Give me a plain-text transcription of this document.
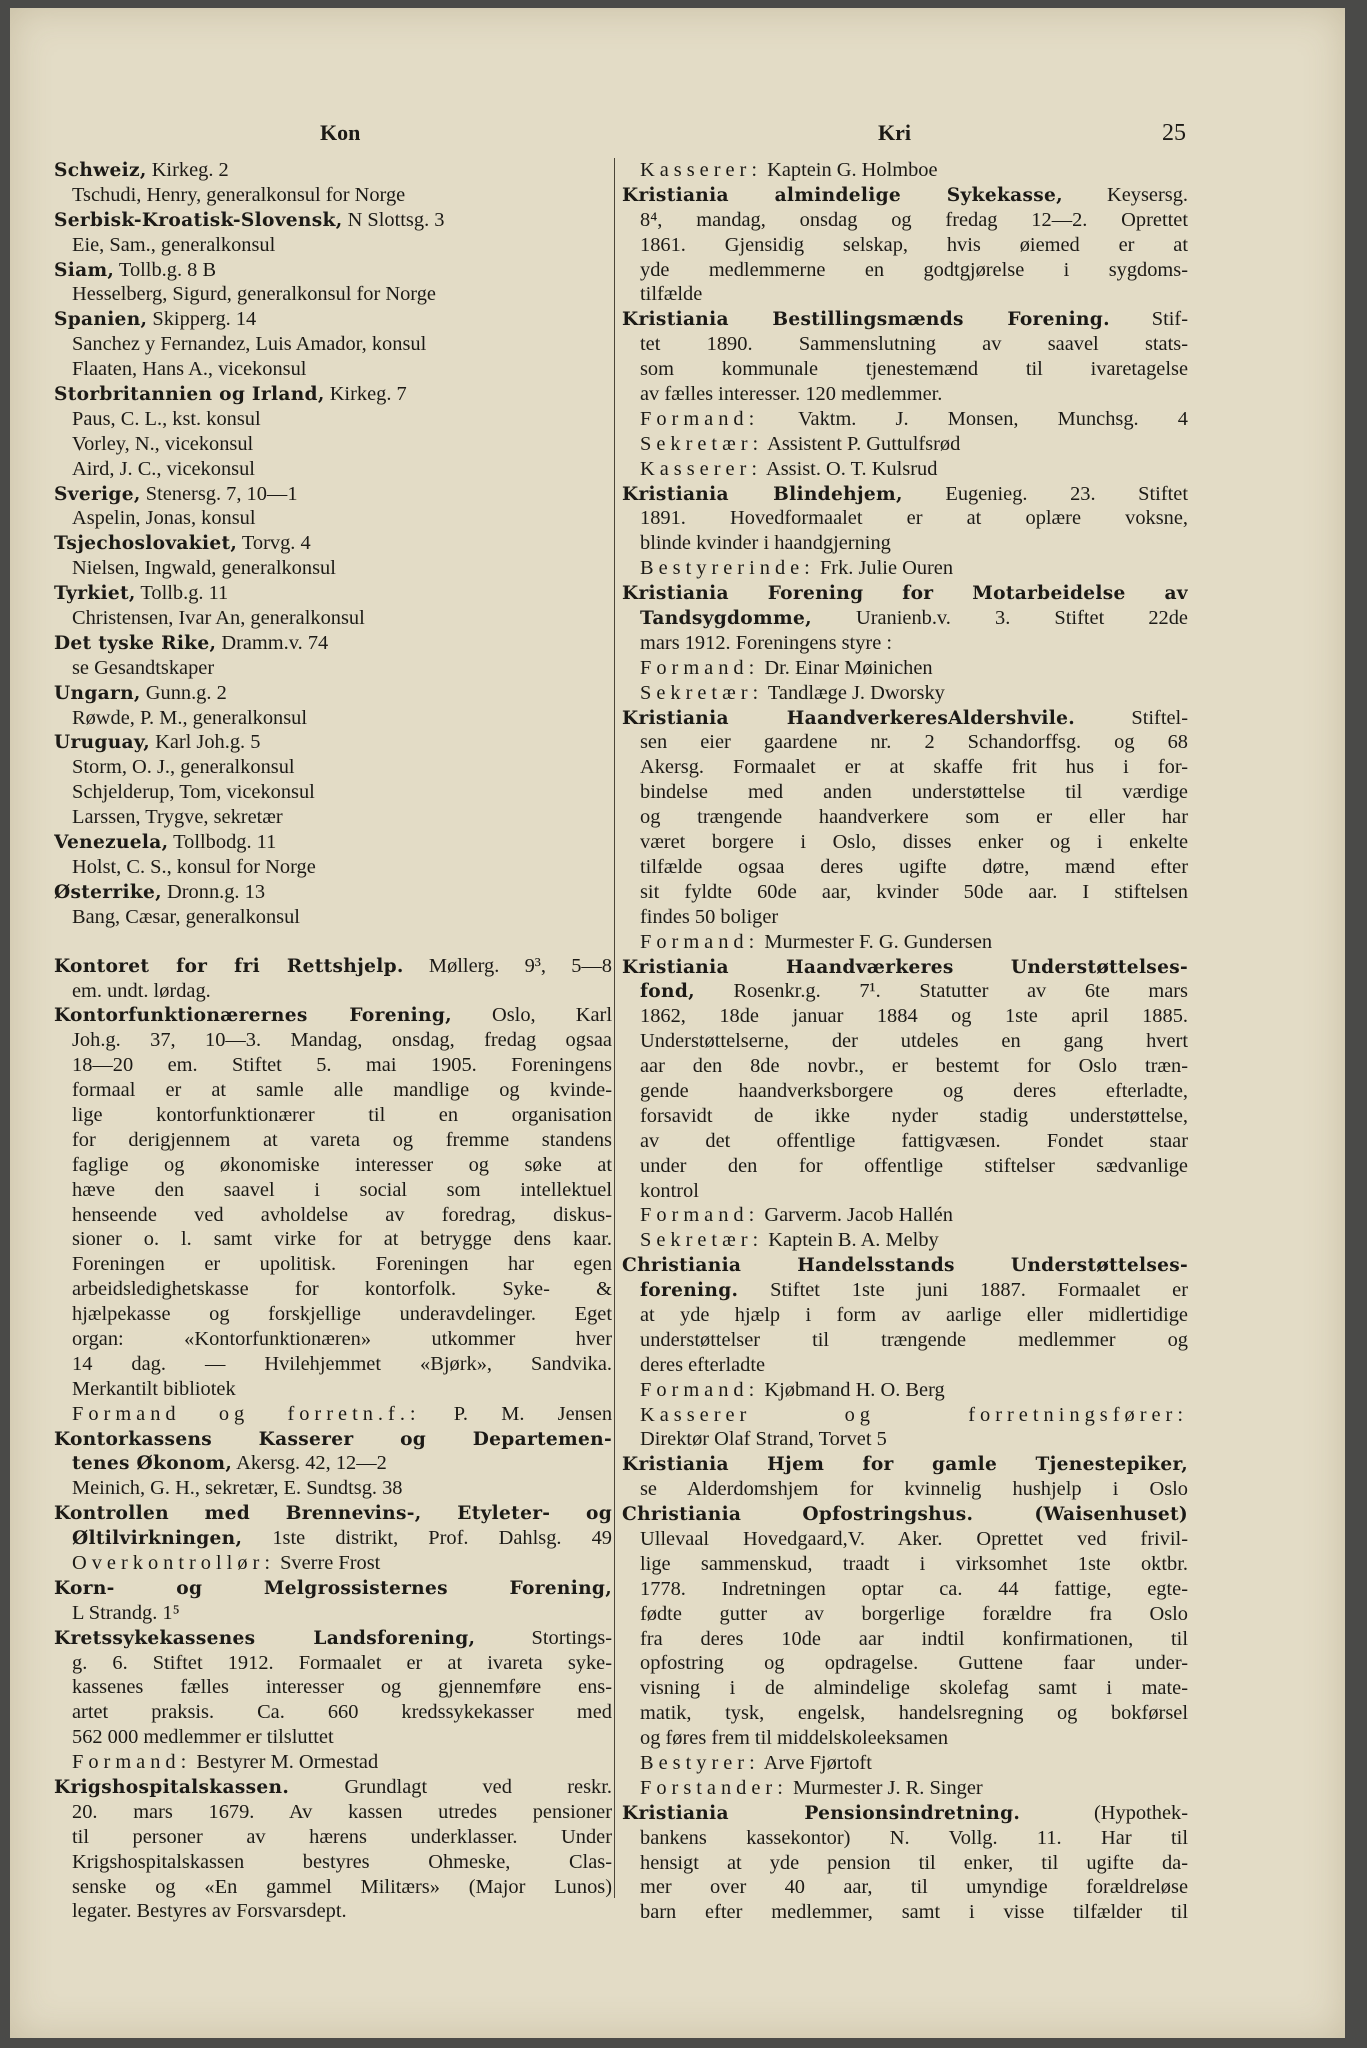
Kon	Kri	25
Schweiz, Kirkeg. 2
Tschudi, Henry, generalkonsul for Norge
Serbisk-Kroatisk-Slovensk, N Slottsg. 3
Eie, Sam., generalkonsul
Siam, Tollb.g. 8 B
Hesselberg, Sigurd, generalkonsul for Norge
Spanien, Skipperg. 14
Sanchez y Fernandez, Luis Amador, konsul
Flaaten, Hans A., vicekonsul
Storbritannien og Irland, Kirkeg. 7
Paus, C. L., kst. konsul
Vorley, N., vicekonsul
Aird, J. C., vicekonsul
Sverige, Stenersg. 7, 10—1
Aspelin, Jonas, konsul
Tsjechoslovakiet, Torvg. 4
Nielsen, Ingwald, generalkonsul
Tyrkiet, Tollb.g. 11
Christensen, Ivar An, generalkonsul
Det tyske Rike, Dramm.v. 74
se Gesandtskaper
Ungarn, Gunn.g. 2
Røwde, P. M., generalkonsul
Uruguay, Karl Joh.g. 5
Storm, O. J., generalkonsul
Schjelderup, Tom, vicekonsul
Larssen, Trygve, sekretær
Venezuela, Tollbodg. 11
Holst, C. S., konsul for Norge
Østerrike, Dronn.g. 13
Bang, Cæsar, generalkonsul
Kontoret for fri Rettshjelp. Møllerg. 9³, 5—8
em. undt. lørdag.
Kontorfunktionærernes Forening, Oslo, Karl
Joh.g. 37, 10—3. Mandag, onsdag, fredag ogsaa
18—20 em. Stiftet 5. mai 1905. Foreningens
formaal er at samle alle mandlige og kvinde-
lige kontorfunktionærer til en organisation
for derigjennem at vareta og fremme standens
faglige og økonomiske interesser og søke at
hæve den saavel i social som intellektuel
henseende ved avholdelse av foredrag, diskus-
sioner o. l. samt virke for at betrygge dens kaar.
Foreningen er upolitisk. Foreningen har egen
arbeidsledighetskasse for kontorfolk. Syke- &
hjælpekasse og forskjellige underavdelinger. Eget
organ: «Kontorfunktionæren» utkommer hver
14 dag. — Hvilehjemmet «Bjørk», Sandvika.
Merkantilt bibliotek
Formand og forretn.f.: P. M. Jensen
Kontorkassens Kasserer og Departemen-
tenes Økonom, Akersg. 42, 12—2
Meinich, G. H., sekretær, E. Sundtsg. 38
Kontrollen med Brennevins-, Etyleter- og
Øltilvirkningen, 1ste distrikt, Prof. Dahlsg. 49
Overkontrollør: Sverre Frost
Korn- og Melgrossisternes Forening,
L Strandg. 1⁵
Kretssykekassenes Landsforening, Stortings-
g. 6. Stiftet 1912. Formaalet er at ivareta syke-
kassenes fælles interesser og gjennemføre ens-
artet praksis. Ca. 660 kredssykekasser med
562 000 medlemmer er tilsluttet
Formand: Bestyrer M. Ormestad
Krigshospitalskassen. Grundlagt ved reskr.
20. mars 1679. Av kassen utredes pensioner
til personer av hærens underklasser. Under
Krigshospitalskassen bestyres Ohmeske, Clas-
senske og «En gammel Militærs» (Major Lunos)
legater. Bestyres av Forsvarsdept.
Kasserer: Kaptein G. Holmboe
Kristiania almindelige Sykekasse, Keysersg.
8⁴, mandag, onsdag og fredag 12—2. Oprettet
1861. Gjensidig selskap, hvis øiemed er at
yde medlemmerne en godtgjørelse i sygdoms-
tilfælde
Kristiania Bestillingsmænds Forening. Stif-
tet 1890. Sammenslutning av saavel stats-
som kommunale tjenestemænd til ivaretagelse
av fælles interesser. 120 medlemmer.
Formand: Vaktm. J. Monsen, Munchsg. 4
Sekretær: Assistent P. Guttulfsrød
Kasserer: Assist. O. T. Kulsrud
Kristiania Blindehjem, Eugenieg. 23. Stiftet
1891. Hovedformaalet er at oplære voksne,
blinde kvinder i haandgjerning
Bestyrerinde: Frk. Julie Ouren
Kristiania Forening for Motarbeidelse av
Tandsygdomme, Uranienb.v. 3. Stiftet 22de
mars 1912. Foreningens styre :
Formand: Dr. Einar Møinichen
Sekretær: Tandlæge J. Dworsky
Kristiania HaandverkeresAldershvile. Stiftel-
sen eier gaardene nr. 2 Schandorffsg. og 68
Akersg. Formaalet er at skaffe frit hus i for-
bindelse med anden understøttelse til værdige
og trængende haandverkere som er eller har
været borgere i Oslo, disses enker og i enkelte
tilfælde ogsaa deres ugifte døtre, mænd efter
sit fyldte 60de aar, kvinder 50de aar. I stiftelsen
findes 50 boliger
Formand: Murmester F. G. Gundersen
Kristiania Haandværkeres Understøttelses-
fond, Rosenkr.g. 7¹. Statutter av 6te mars
1862, 18de januar 1884 og 1ste april 1885.
Understøttelserne, der utdeles en gang hvert
aar den 8de novbr., er bestemt for Oslo træn-
gende haandverksborgere og deres efterladte,
forsavidt de ikke nyder stadig understøttelse,
av det offentlige fattigvæsen. Fondet staar
under den for offentlige stiftelser sædvanlige
kontrol
Formand: Garverm. Jacob Hallén
Sekretær: Kaptein B. A. Melby
Christiania Handelsstands Understøttelses-
forening. Stiftet 1ste juni 1887. Formaalet er
at yde hjælp i form av aarlige eller midlertidige
understøttelser til trængende medlemmer og
deres efterladte
Formand: Kjøbmand H. O. Berg
Kasserer og forretningsfører:
Direktør Olaf Strand, Torvet 5
Kristiania Hjem for gamle Tjenestepiker,
se Alderdomshjem for kvinnelig hushjelp i Oslo
Christiania Opfostringshus. (Waisenhuset)
Ullevaal Hovedgaard,V. Aker. Oprettet ved frivil-
lige sammenskud, traadt i virksomhet 1ste oktbr.
1778. Indretningen optar ca. 44 fattige, egte-
fødte gutter av borgerlige forældre fra Oslo
fra deres 10de aar indtil konfirmationen, til
opfostring og opdragelse. Guttene faar under-
visning i de almindelige skolefag samt i mate-
matik, tysk, engelsk, handelsregning og bokførsel
og føres frem til middelskoleeksamen
Bestyrer: Arve Fjørtoft
Forstander: Murmester J. R. Singer
Kristiania Pensionsindretning. (Hypothek-
bankens kassekontor) N. Vollg. 11. Har til
hensigt at yde pension til enker, til ugifte da-
mer over 40 aar, til umyndige forældreløse
barn efter medlemmer, samt i visse tilfælder til
